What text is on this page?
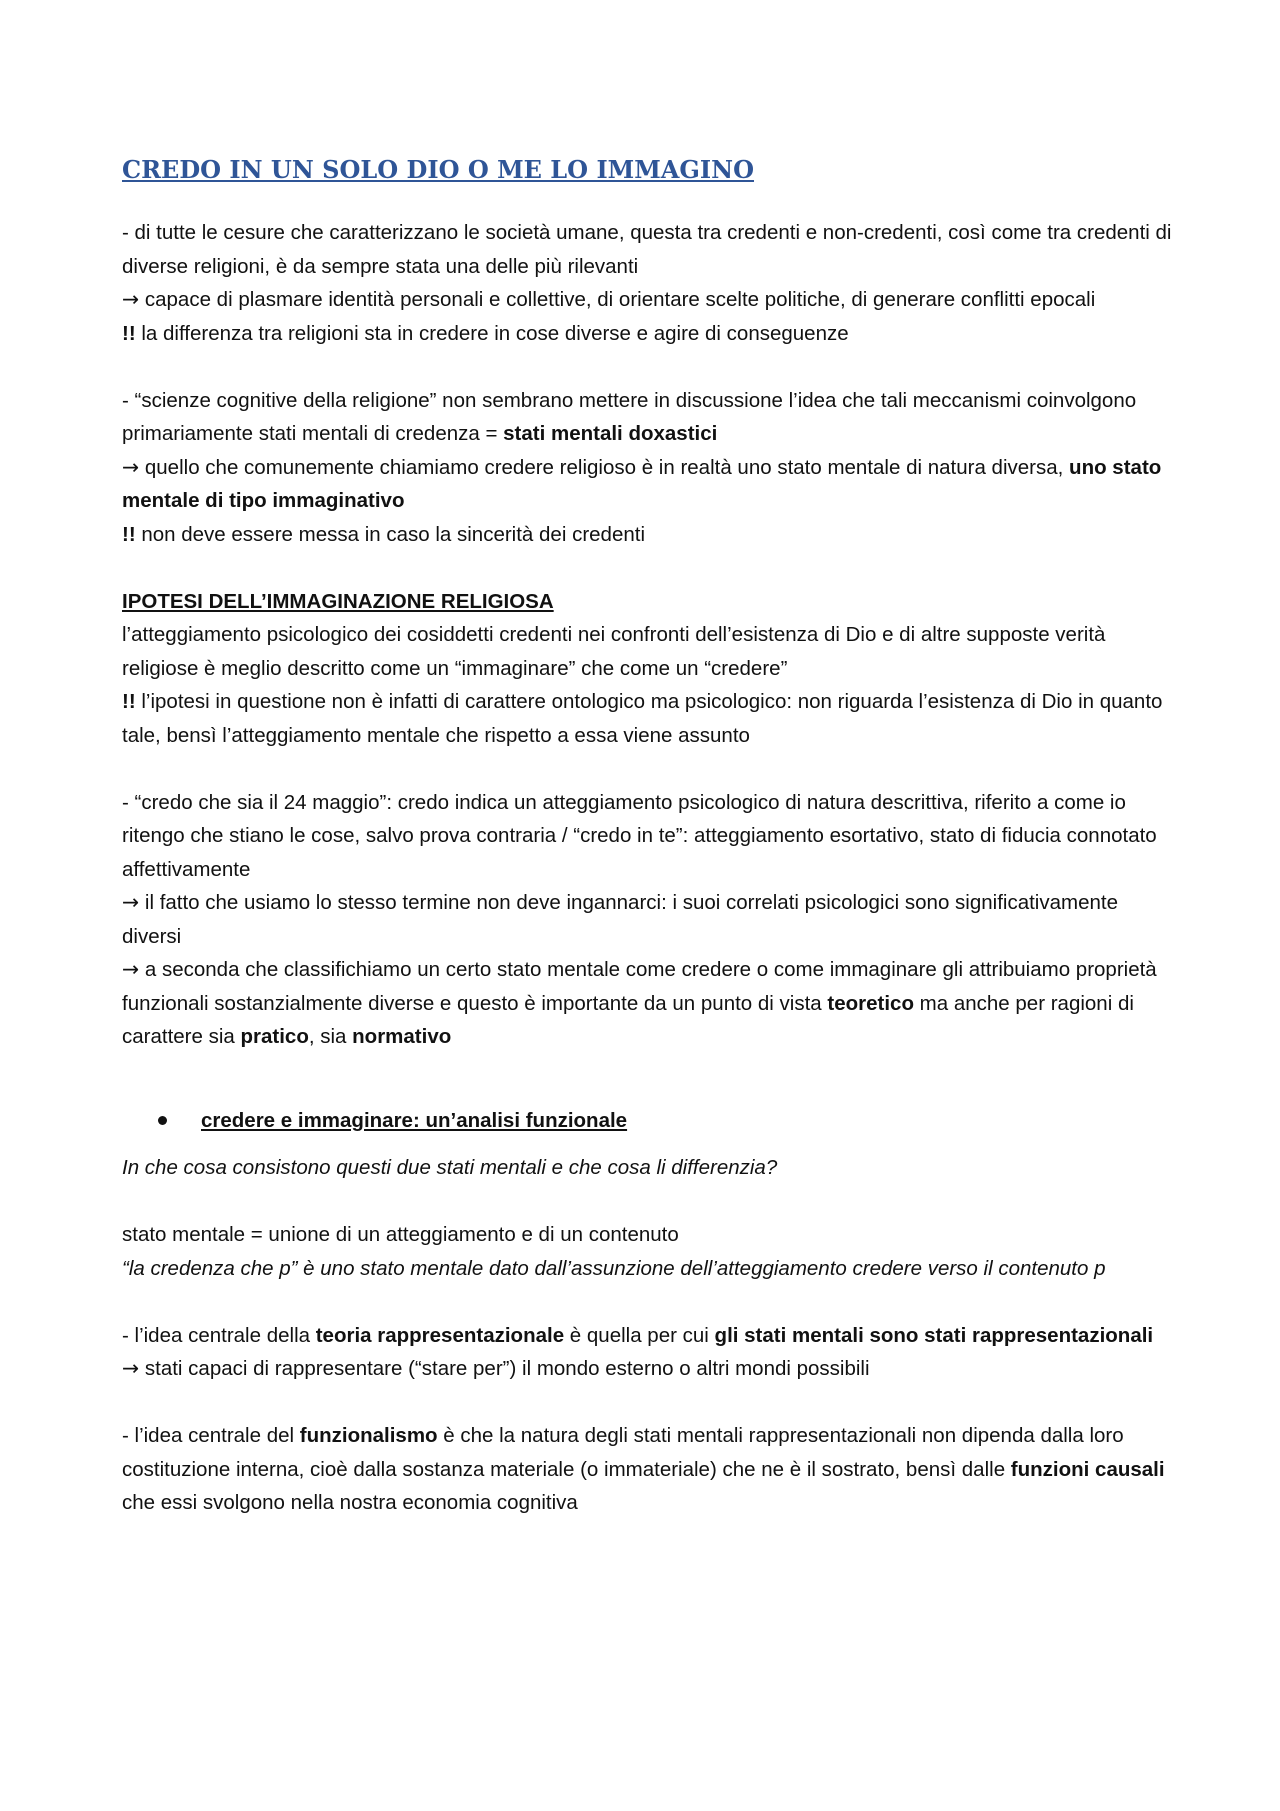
CREDO IN UN SOLO DIO O ME LO IMMAGINO
- di tutte le cesure che caratterizzano le società umane, questa tra credenti e non-credenti, così come tra credenti di diverse religioni, è da sempre stata una delle più rilevanti
→ capace di plasmare identità personali e collettive, di orientare scelte politiche, di generare conflitti epocali
!! la differenza tra religioni sta in credere in cose diverse e agire di conseguenze
- “scienze cognitive della religione” non sembrano mettere in discussione l’idea che tali meccanismi coinvolgono primariamente stati mentali di credenza = stati mentali doxastici
→ quello che comunemente chiamiamo credere religioso è in realtà uno stato mentale di natura diversa, uno stato mentale di tipo immaginativo
!! non deve essere messa in caso la sincerità dei credenti
IPOTESI DELL’IMMAGINAZIONE RELIGIOSA
l’atteggiamento psicologico dei cosiddetti credenti nei confronti dell’esistenza di Dio e di altre supposte verità religiose è meglio descritto come un “immaginare” che come un “credere”
!! l’ipotesi in questione non è infatti di carattere ontologico ma psicologico: non riguarda l’esistenza di Dio in quanto tale, bensì l’atteggiamento mentale che rispetto a essa viene assunto
- “credo che sia il 24 maggio”: credo indica un atteggiamento psicologico di natura descrittiva, riferito a come io ritengo che stiano le cose, salvo prova contraria / “credo in te”: atteggiamento esortativo, stato di fiducia connotato affettivamente
→ il fatto che usiamo lo stesso termine non deve ingannarci: i suoi correlati psicologici sono significativamente diversi
→ a seconda che classifichiamo un certo stato mentale come credere o come immaginare gli attribuiamo proprietà funzionali sostanzialmente diverse e questo è importante da un punto di vista teoretico ma anche per ragioni di carattere sia pratico, sia normativo
credere e immaginare: un’analisi funzionale
In che cosa consistono questi due stati mentali e che cosa li differenzia?
stato mentale = unione di un atteggiamento e di un contenuto
“la credenza che p” è uno stato mentale dato dall’assunzione dell’atteggiamento credere verso il contenuto p
- l’idea centrale della teoria rappresentazionale è quella per cui gli stati mentali sono stati rappresentazionali
→ stati capaci di rappresentare (“stare per”) il mondo esterno o altri mondi possibili
- l’idea centrale del funzionalismo è che la natura degli stati mentali rappresentazionali non dipenda dalla loro costituzione interna, cioè dalla sostanza materiale (o immateriale) che ne è il sostrato, bensì dalle funzioni causali che essi svolgono nella nostra economia cognitiva
